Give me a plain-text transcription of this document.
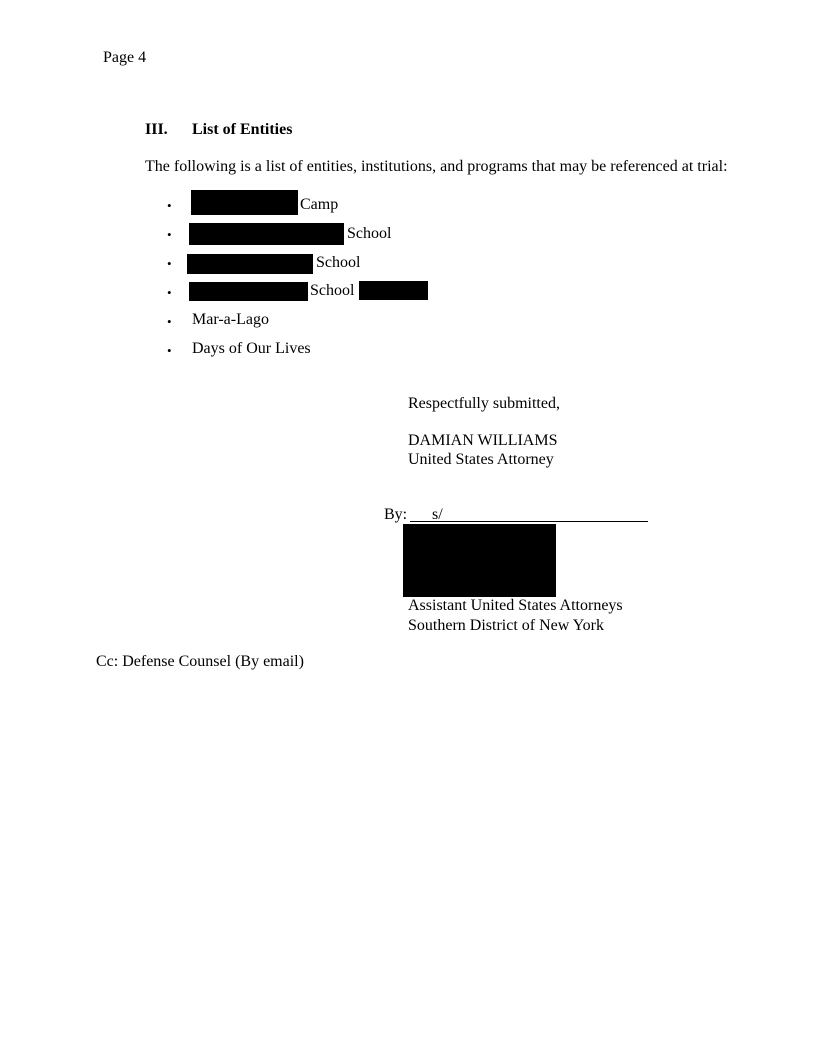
Page 4
III. List of Entities
The following is a list of entities, institutions, and programs that may be referenced at trial:
•	Camp
•	School
•	School
•	School
• Mar-a-Lago
• Days of Our Lives
Respectfully submitted,
DAMIAN WILLIAMS
United States Attorney
By: s/
Assistant United States Attorneys
Southern District of New York
Cc: Defense Counsel (By email)
